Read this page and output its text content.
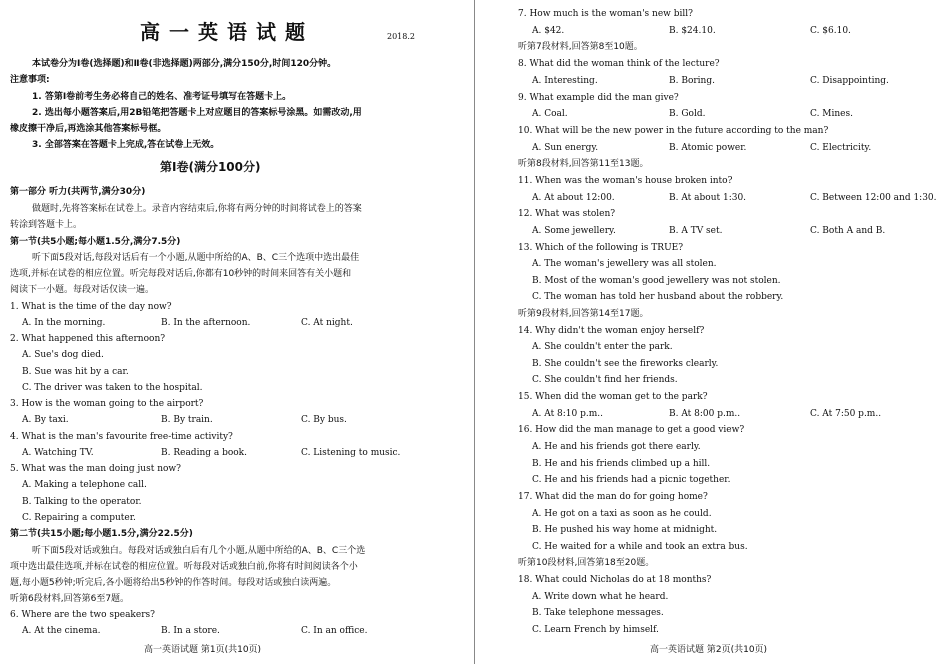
高一英语试题	2018.2
本试卷分为Ⅰ卷(选择题)和Ⅱ卷(非选择题)两部分,满分150分,时间120分钟。
注意事项:
1. 答第Ⅰ卷前考生务必将自己的姓名、准考证号填写在答题卡上。
2. 选出每小题答案后,用2B铅笔把答题卡上对应题目的答案标号涂黑。如需改动,用
橡皮擦干净后,再选涂其他答案标号框。
3. 全部答案在答题卡上完成,答在试卷上无效。
第Ⅰ卷(满分100分)
第一部分 听力(共两节,满分30分)
做题时,先将答案标在试卷上。录音内容结束后,你将有两分钟的时间将试卷上的答案
转涂到答题卡上。
第一节(共5小题;每小题1.5分,满分7.5分)
听下面5段对话,每段对话后有一个小题,从题中所给的A、B、C三个选项中选出最佳
选项,并标在试卷的相应位置。听完每段对话后,你都有10秒钟的时间来回答有关小题和
阅读下一小题。每段对话仅读一遍。
1. What is the time of the day now?
A. In the morning.	B. In the afternoon.	C. At night.
2. What happened this afternoon?
A. Sue's dog died.
B. Sue was hit by a car.
C. The driver was taken to the hospital.
3. How is the woman going to the airport?
A. By taxi.	B. By train.	C. By bus.
4. What is the man's favourite free-time activity?
A. Watching TV.	B. Reading a book.	C. Listening to music.
5. What was the man doing just now?
A. Making a telephone call.
B. Talking to the operator.
C. Repairing a computer.
第二节(共15小题;每小题1.5分,满分22.5分)
听下面5段对话或独白。每段对话或独白后有几个小题,从题中所给的A、B、C三个选
项中选出最佳选项,并标在试卷的相应位置。听每段对话或独白前,你将有时间阅读各个小
题,每小题5秒钟;听完后,各小题将给出5秒钟的作答时间。每段对话或独白读两遍。
听第6段材料,回答第6至7题。
6. Where are the two speakers?
A. At the cinema.	B. In a store.	C. In an office.
高一英语试题 第1页(共10页)
7. How much is the woman's new bill?
A. $42.	B. $24.10.	C. $6.10.
听第7段材料,回答第8至10题。
8. What did the woman think of the lecture?
A. Interesting.	B. Boring.	C. Disappointing.
9. What example did the man give?
A. Coal.	B. Gold.	C. Mines.
10. What will be the new power in the future according to the man?
A. Sun energy.	B. Atomic power.	C. Electricity.
听第8段材料,回答第11至13题。
11. When was the woman's house broken into?
A. At about 12:00.	B. At about 1:30.	C. Between 12:00 and 1:30.
12. What was stolen?
A. Some jewellery.	B. A TV set.	C. Both A and B.
13. Which of the following is TRUE?
A. The woman's jewellery was all stolen.
B. Most of the woman's good jewellery was not stolen.
C. The woman has told her husband about the robbery.
听第9段材料,回答第14至17题。
14. Why didn't the woman enjoy herself?
A. She couldn't enter the park.
B. She couldn't see the fireworks clearly.
C. She couldn't find her friends.
15. When did the woman get to the park?
A. At 8:10 p.m..	B. At 8:00 p.m..	C. At 7:50 p.m..
16. How did the man manage to get a good view?
A. He and his friends got there early.
B. He and his friends climbed up a hill.
C. He and his friends had a picnic together.
17. What did the man do for going home?
A. He got on a taxi as soon as he could.
B. He pushed his way home at midnight.
C. He waited for a while and took an extra bus.
听第10段材料,回答第18至20题。
18. What could Nicholas do at 18 months?
A. Write down what he heard.
B. Take telephone messages.
C. Learn French by himself.
高一英语试题 第2页(共10页)
